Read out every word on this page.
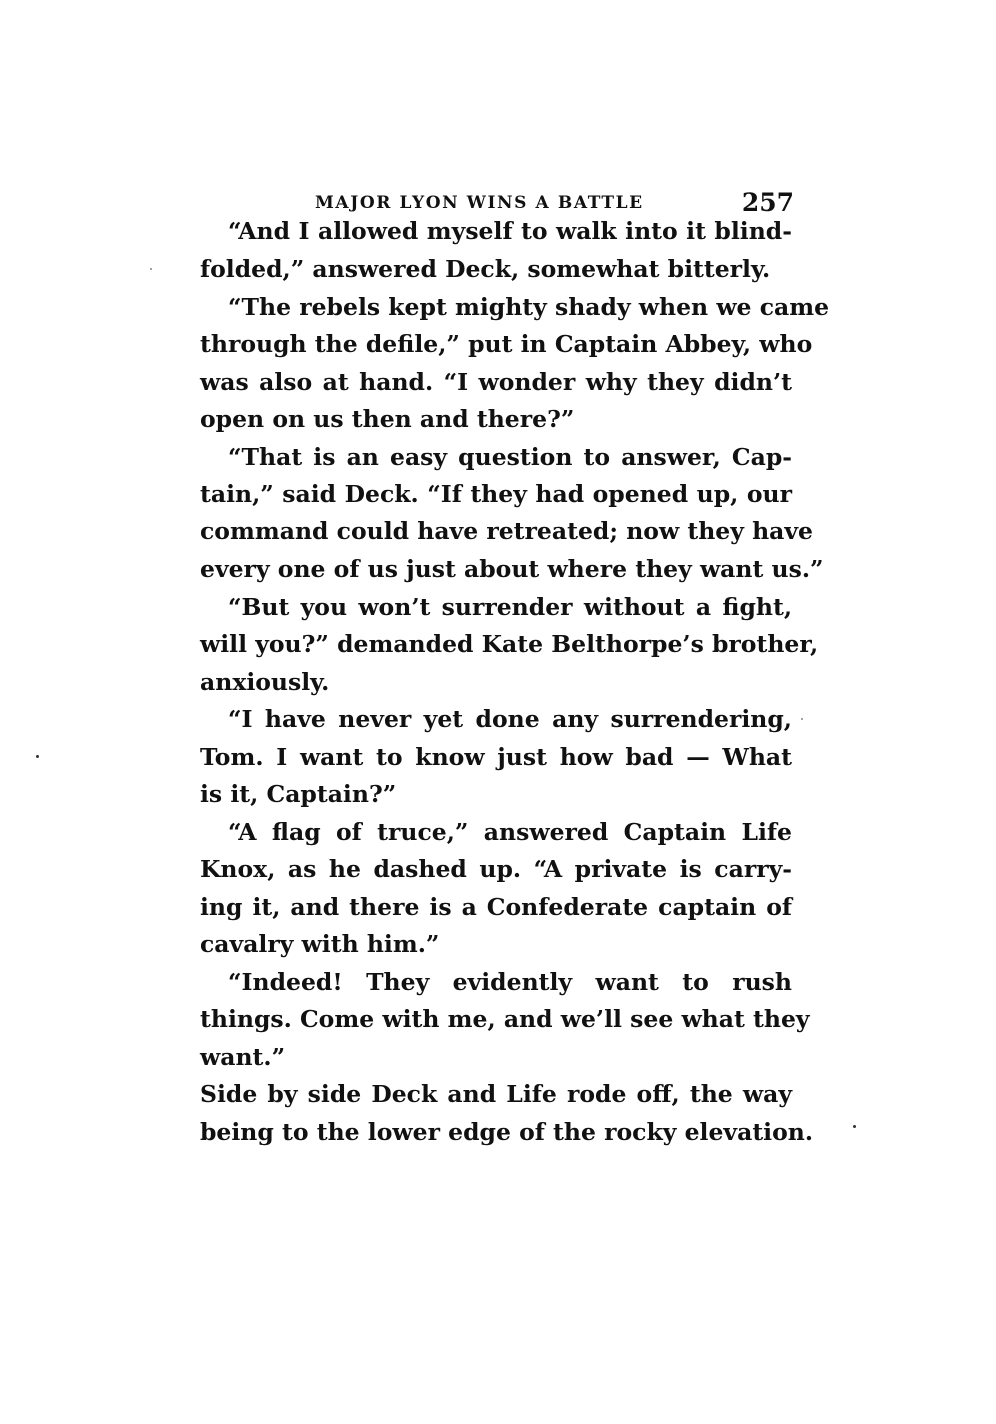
MAJOR LYON WINS A BATTLE	257
“And I allowed myself to walk into it blind-
folded,” answered Deck, somewhat bitterly.
“The rebels kept mighty shady when we came
through the defile,” put in Captain Abbey, who
was also at hand. “I wonder why they didn’t
open on us then and there?”
“That is an easy question to answer, Cap-
tain,” said Deck. “If they had opened up, our
command could have retreated; now they have
every one of us just about where they want us.”
“But you won’t surrender without a fight,
will you?” demanded Kate Belthorpe’s brother,
anxiously.
“I have never yet done any surrendering,
Tom. I want to know just how bad — What
is it, Captain?”
“A flag of truce,” answered Captain Life
Knox, as he dashed up. “A private is carry-
ing it, and there is a Confederate captain of
cavalry with him.”
“Indeed! They evidently want to rush
things. Come with me, and we’ll see what they
want.”
Side by side Deck and Life rode off, the way
being to the lower edge of the rocky elevation.
